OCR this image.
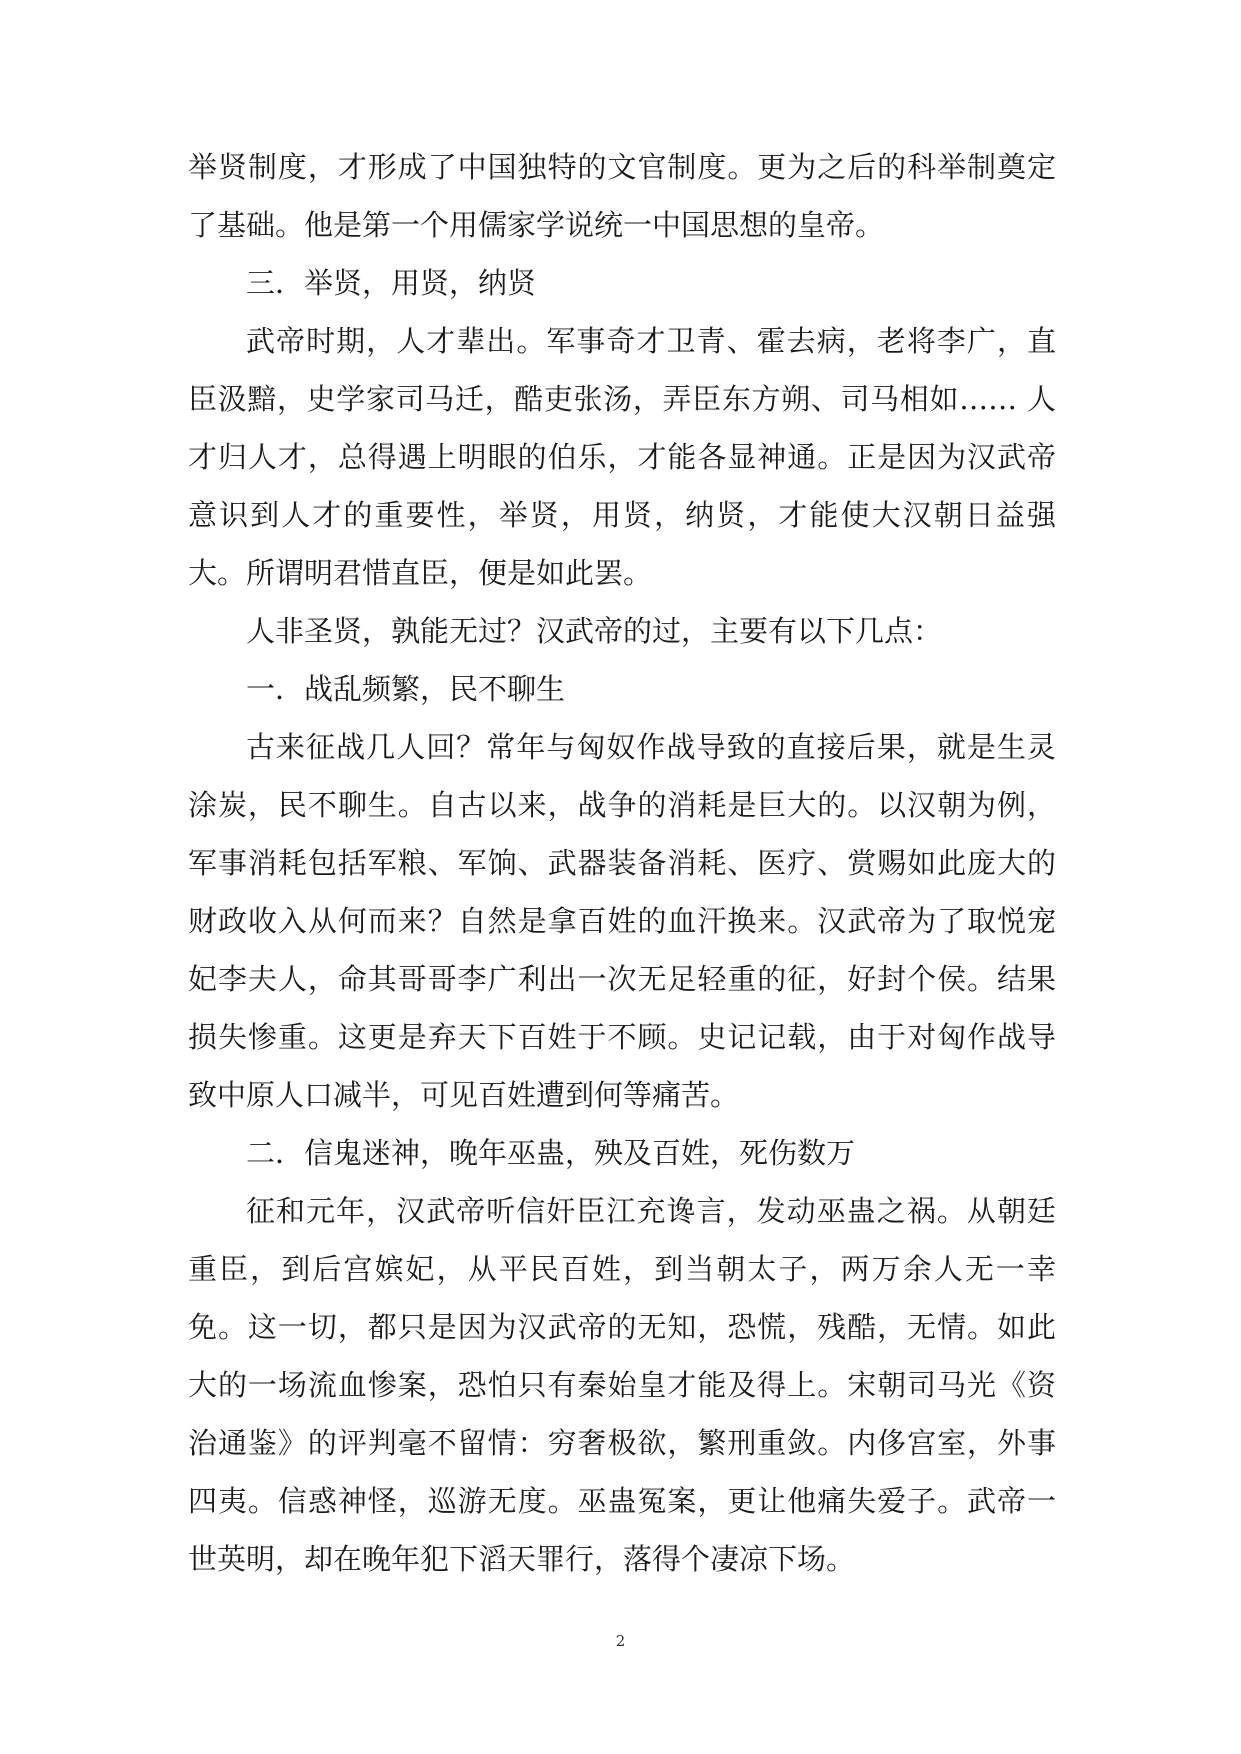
举贤制度，才形成了中国独特的文官制度。更为之后的科举制奠定了基础。他是第一个用儒家学说统一中国思想的皇帝。

三．举贤，用贤，纳贤

武帝时期，人才辈出。军事奇才卫青、霍去病，老将李广，直臣汲黯，史学家司马迁，酷吏张汤，弄臣东方朔、司马相如…… 人才归人才，总得遇上明眼的伯乐，才能各显神通。正是因为汉武帝意识到人才的重要性，举贤，用贤，纳贤，才能使大汉朝日益强大。所谓明君惜直臣，便是如此罢。

人非圣贤，孰能无过？汉武帝的过，主要有以下几点：

一．战乱频繁，民不聊生

古来征战几人回？常年与匈奴作战导致的直接后果，就是生灵涂炭，民不聊生。自古以来，战争的消耗是巨大的。以汉朝为例，军事消耗包括军粮、军饷、武器装备消耗、医疗、赏赐如此庞大的财政收入从何而来？自然是拿百姓的血汗换来。汉武帝为了取悦宠妃李夫人，命其哥哥李广利出一次无足轻重的征，好封个侯。结果损失惨重。这更是弃天下百姓于不顾。史记记载，由于对匈作战导致中原人口减半，可见百姓遭到何等痛苦。

二．信鬼迷神，晚年巫蛊，殃及百姓，死伤数万

征和元年，汉武帝听信奸臣江充谗言，发动巫蛊之祸。从朝廷重臣，到后宫嫔妃，从平民百姓，到当朝太子，两万余人无一幸免。这一切，都只是因为汉武帝的无知，恐慌，残酷，无情。如此大的一场流血惨案，恐怕只有秦始皇才能及得上。宋朝司马光《资治通鉴》的评判毫不留情：穷奢极欲，繁刑重敛。内侈宫室，外事四夷。信惑神怪，巡游无度。巫蛊冤案，更让他痛失爱子。武帝一世英明，却在晚年犯下滔天罪行，落得个凄凉下场。

2
